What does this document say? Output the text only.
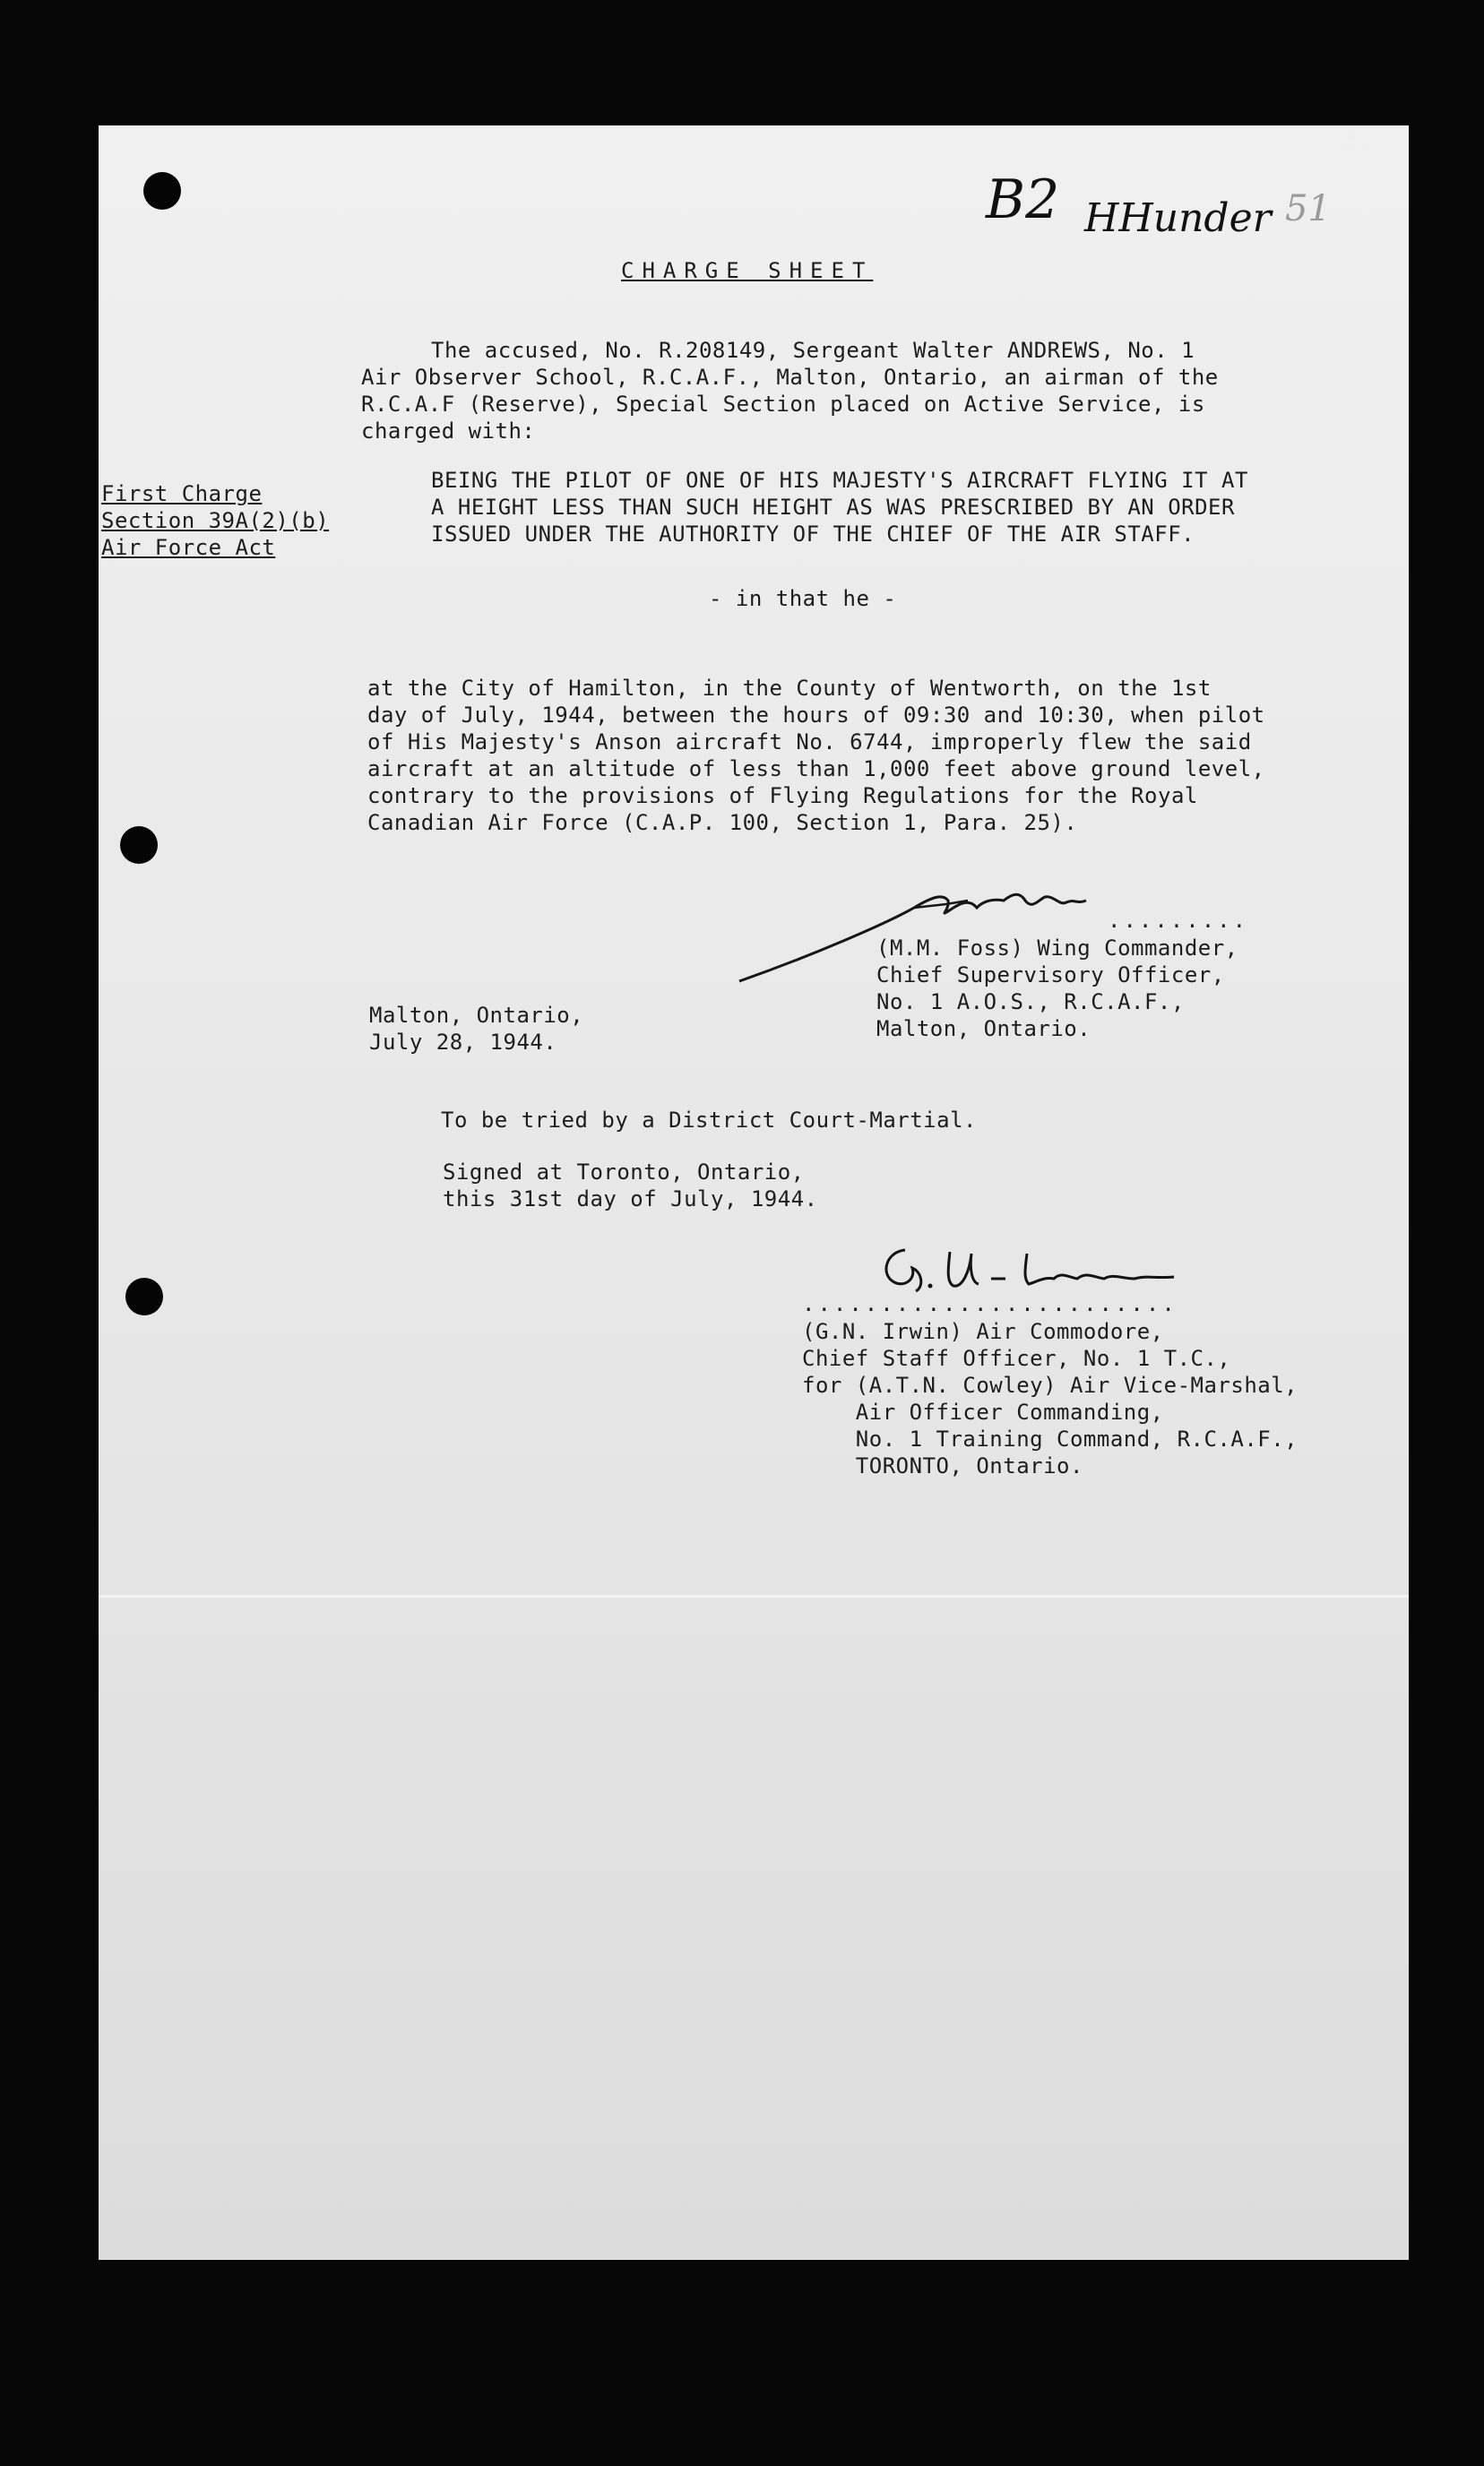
3.
B2 HHunder 51
CHARGE SHEET
The accused, No. R.208149, Sergeant Walter ANDREWS, No. 1
Air Observer School, R.C.A.F., Malton, Ontario, an airman of the
R.C.A.F (Reserve), Special Section placed on Active Service, is
charged with:
First Charge
Section 39A(2)(b)
Air Force Act
BEING THE PILOT OF ONE OF HIS MAJESTY'S AIRCRAFT FLYING IT AT
A HEIGHT LESS THAN SUCH HEIGHT AS WAS PRESCRIBED BY AN ORDER
ISSUED UNDER THE AUTHORITY OF THE CHIEF OF THE AIR STAFF.
- in that he -
at the City of Hamilton, in the County of Wentworth, on the 1st
day of July, 1944, between the hours of 09:30 and 10:30, when pilot
of His Majesty's Anson aircraft No. 6744, improperly flew the said
aircraft at an altitude of less than 1,000 feet above ground level,
contrary to the provisions of Flying Regulations for the Royal
Canadian Air Force (C.A.P. 100, Section 1, Para. 25).
.........
(M.M. Foss) Wing Commander,
Chief Supervisory Officer,
No. 1 A.O.S., R.C.A.F.,
Malton, Ontario.
Malton, Ontario,
July 28, 1944.
To be tried by a District Court-Martial.
Signed at Toronto, Ontario,
this 31st day of July, 1944.
........................
(G.N. Irwin) Air Commodore,
Chief Staff Officer, No. 1 T.C.,
for (A.T.N. Cowley) Air Vice-Marshal,
Air Officer Commanding,
No. 1 Training Command, R.C.A.F.,
TORONTO, Ontario.
